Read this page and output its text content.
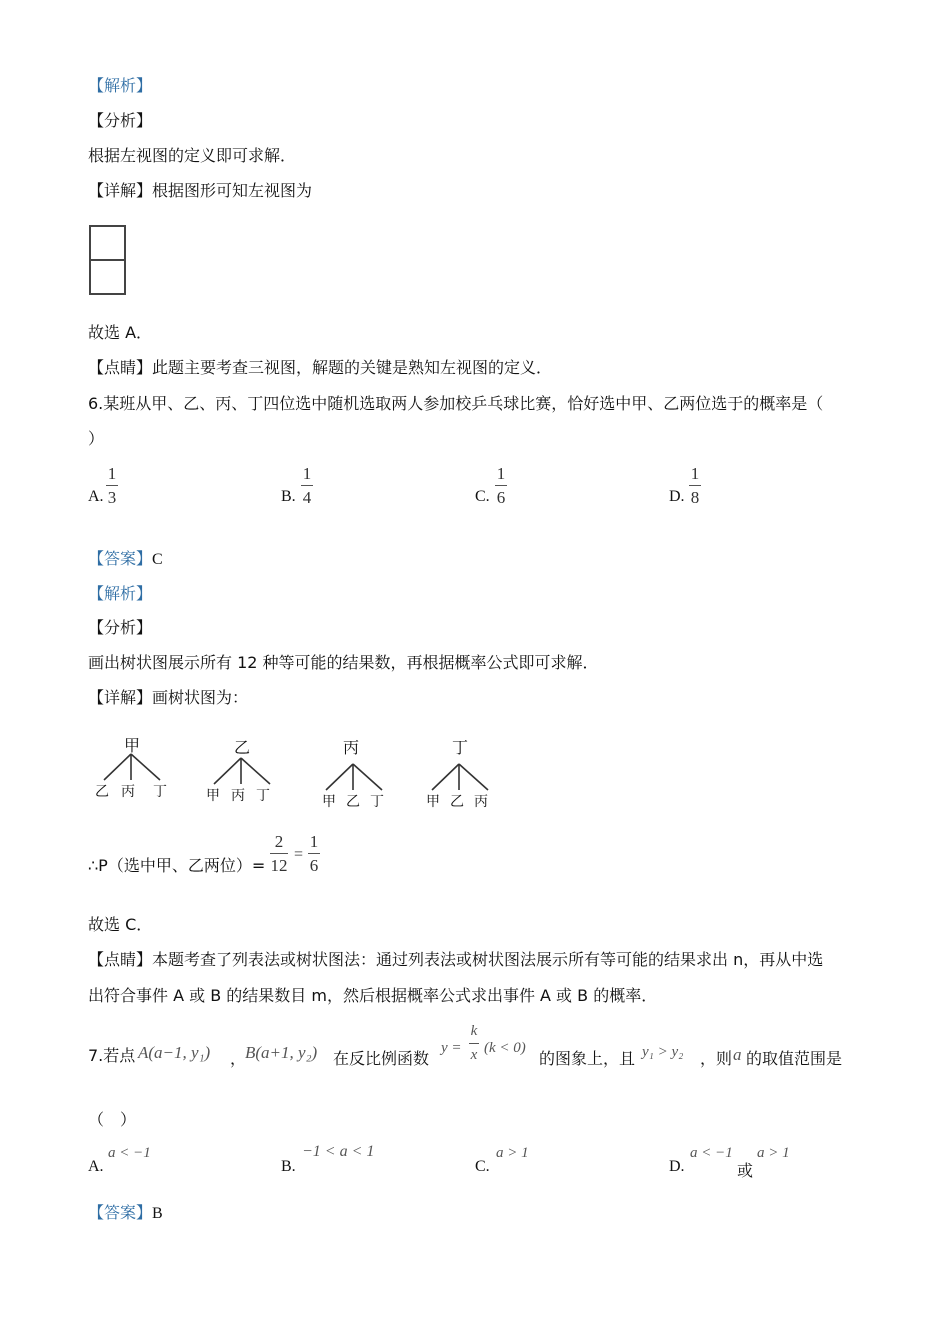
【解析】
【分析】
根据左视图的定义即可求解．
【详解】根据图形可知左视图为
故选 A．
【点睛】此题主要考查三视图，解题的关键是熟知左视图的定义．
6.某班从甲、乙、丙、丁四位选中随机选取两人参加校乒乓球比赛，恰好选中甲、乙两位选于的概率是（
）
A.
1
3	B.
1
4	C.
1
6	D.
1
8
【答案】C
【解析】
【分析】
画出树状图展示所有 12 种等可能的结果数，再根据概率公式即可求解．
【详解】画树状图为：
甲
乙 丙 丁
乙
甲 丙 丁
丙
甲 乙 丁
丁
甲 乙 丙
∴P（选中甲、乙两位）=
2
12
=
1
6
故选 C．
【点睛】本题考查了列表法或树状图法：通过列表法或树状图法展示所有等可能的结果求出 n，再从中选
出符合事件 A 或 B 的结果数目 m，然后根据概率公式求出事件 A 或 B 的概率．
7.若点 A(a−1, y₁) ，
B(a+1, y₂) 在反比例函数
y =
k
x (k < 0)
的图象上，且 y₁ > y₂ ，则 a 的取值范围是
（　）
A.
a < −1
B.
−1 < a < 1
C.
a > 1
D.
a < −1
或
a > 1
【答案】B
